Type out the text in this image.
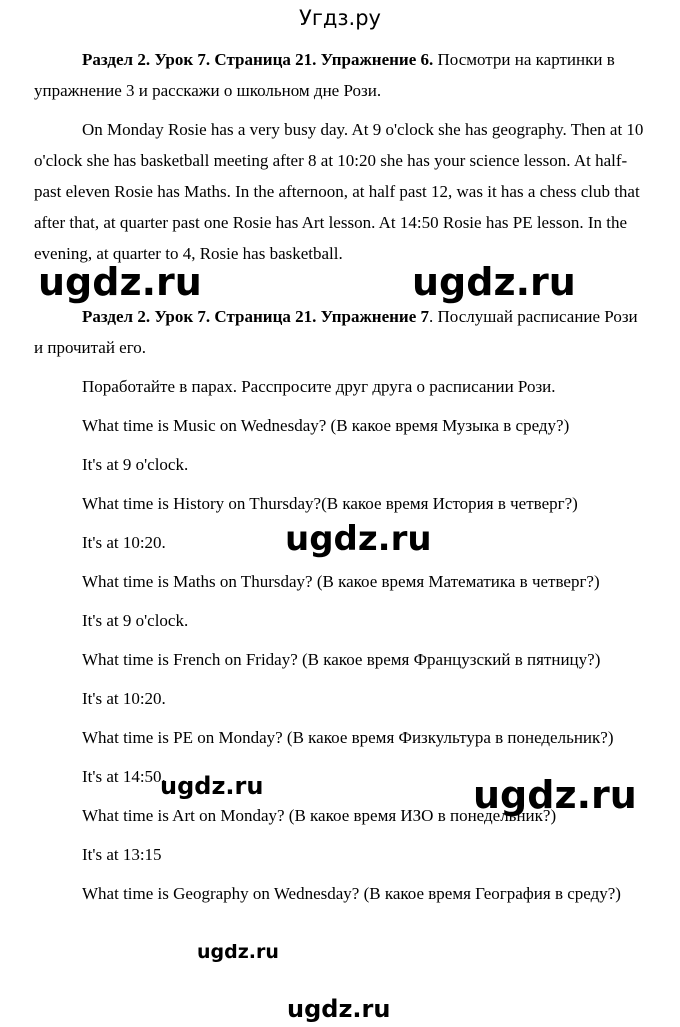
Угдз.ру

Раздел 2. Урок 7. Страница 21. Упражнение 6. Посмотри на картинки в упражнение 3 и расскажи о школьном дне Рози.

On Monday Rosie has a very busy day. At 9 o'clock she has geography. Then at 10 o'clock she has basketball meeting after 8 at 10:20 she has your science lesson. At half-past eleven Rosie has Maths. In the afternoon, at half past 12, was it has a chess club that after that, at quarter past one Rosie has Art lesson. At 14:50 Rosie has PE lesson. In the evening, at quarter to 4, Rosie has basketball.

Раздел 2. Урок 7. Страница 21. Упражнение 7. Послушай расписание Рози и прочитай его.

Поработайте в парах. Расспросите друг друга о расписании Рози.

What time is Music on Wednesday? (В какое время Музыка в среду?)

It's at 9 o'clock.

What time is History on Thursday?(В какое время История в четверг?)

It's at 10:20.

What time is Maths on Thursday? (В какое время Математика в четверг?)

It's at 9 o'clock.

What time is French on Friday? (В какое время Французский в пятницу?)

It's at 10:20.

What time is PE on Monday? (В какое время Физкультура в понедельник?)

It's at 14:50.

What time is Art on Monday? (В какое время ИЗО в понедельник?)

It's at 13:15

What time is Geography on Wednesday? (В какое время География в среду?)

ugdz.ru	ugdz.ru
ugdz.ru
ugdz.ru	ugdz.ru
ugdz.ru
ugdz.ru
